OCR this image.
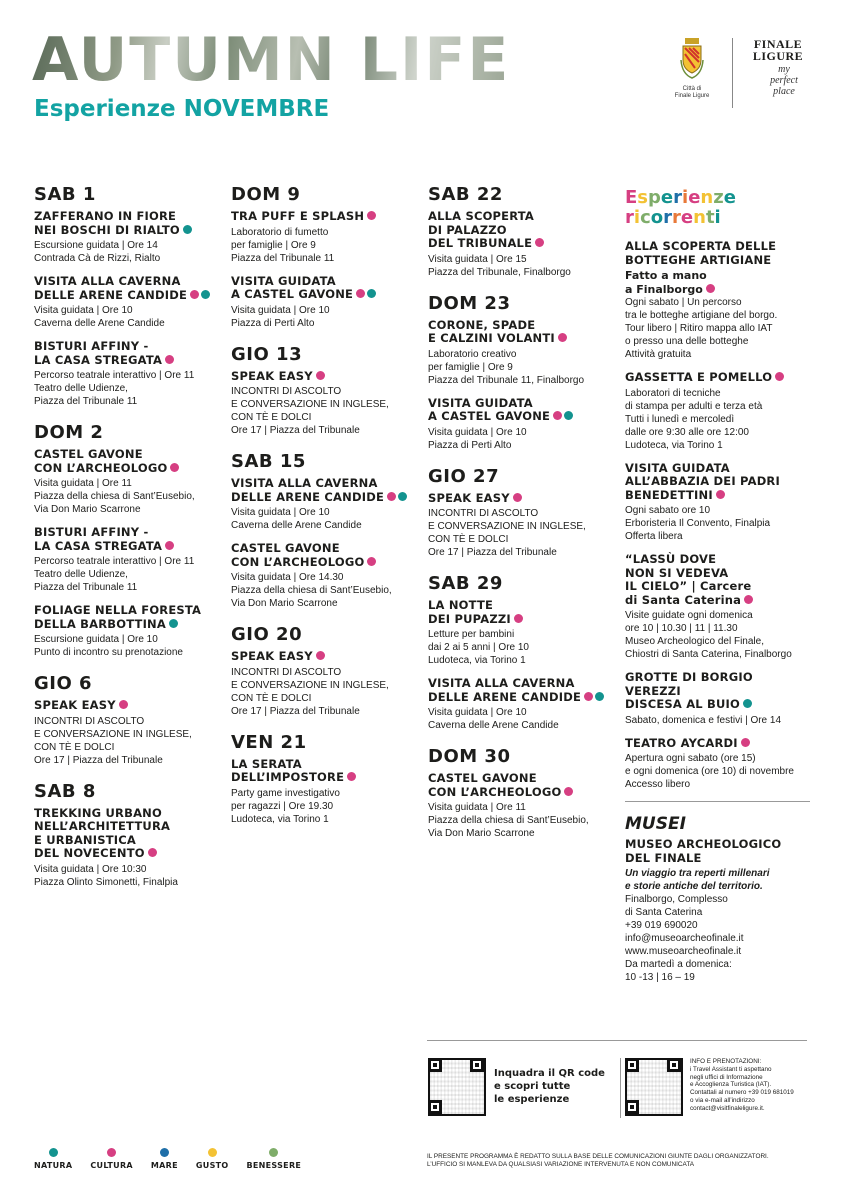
AUTUMN LIFE
Esperienze NOVEMBRE
Città di
Finale Ligure
FINALE
LIGURE
my
perfect
place
SAB 1
ZAFFERANO IN FIORE
NEI BOSCHI DI RIALTO
Escursione guidata | Ore 14
Contrada Cà de Rizzi, Rialto
VISITA ALLA CAVERNA
DELLE ARENE CANDIDE
Visita guidata | Ore 10
Caverna delle Arene Candide
BISTURI AFFINY -
LA CASA STREGATA
Percorso teatrale interattivo | Ore 11
Teatro delle Udienze,
Piazza del Tribunale 11
DOM 2
CASTEL GAVONE
CON L’ARCHEOLOGO
Visita guidata | Ore 11
Piazza della chiesa di Sant’Eusebio,
Via Don Mario Scarrone
BISTURI AFFINY -
LA CASA STREGATA
Percorso teatrale interattivo | Ore 11
Teatro delle Udienze,
Piazza del Tribunale 11
FOLIAGE NELLA FORESTA
DELLA BARBOTTINA
Escursione guidata | Ore 10
Punto di incontro su prenotazione
GIO 6
SPEAK EASY
INCONTRI DI ASCOLTO
E CONVERSAZIONE IN INGLESE,
CON TÈ E DOLCI
Ore 17 | Piazza del Tribunale
SAB 8
TREKKING URBANO
NELL’ARCHITETTURA
E URBANISTICA
DEL NOVECENTO
Visita guidata | Ore 10:30
Piazza Olinto Simonetti, Finalpia
DOM 9
TRA PUFF E SPLASH
Laboratorio di fumetto
per famiglie | Ore 9
Piazza del Tribunale 11
VISITA GUIDATA
A CASTEL GAVONE
Visita guidata | Ore 10
Piazza di Perti Alto
GIO 13
SPEAK EASY
INCONTRI DI ASCOLTO
E CONVERSAZIONE IN INGLESE,
CON TÈ E DOLCI
Ore 17 | Piazza del Tribunale
SAB 15
VISITA ALLA CAVERNA
DELLE ARENE CANDIDE
Visita guidata | Ore 10
Caverna delle Arene Candide
CASTEL GAVONE
CON L’ARCHEOLOGO
Visita guidata | Ore 14.30
Piazza della chiesa di Sant’Eusebio,
Via Don Mario Scarrone
GIO 20
SPEAK EASY
INCONTRI DI ASCOLTO
E CONVERSAZIONE IN INGLESE,
CON TÈ E DOLCI
Ore 17 | Piazza del Tribunale
VEN 21
LA SERATA
DELL’IMPOSTORE
Party game investigativo
per ragazzi | Ore 19.30
Ludoteca, via Torino 1
SAB 22
ALLA SCOPERTA
DI PALAZZO
DEL TRIBUNALE
Visita guidata | Ore 15
Piazza del Tribunale, Finalborgo
DOM 23
CORONE, SPADE
E CALZINI VOLANTI
Laboratorio creativo
per famiglie | Ore 9
Piazza del Tribunale 11, Finalborgo
VISITA GUIDATA
A CASTEL GAVONE
Visita guidata | Ore 10
Piazza di Perti Alto
GIO 27
SPEAK EASY
INCONTRI DI ASCOLTO
E CONVERSAZIONE IN INGLESE,
CON TÈ E DOLCI
Ore 17 | Piazza del Tribunale
SAB 29
LA NOTTE
DEI PUPAZZI
Letture per bambini
dai 2 ai 5 anni | Ore 10
Ludoteca, via Torino 1
VISITA ALLA CAVERNA
DELLE ARENE CANDIDE
Visita guidata | Ore 10
Caverna delle Arene Candide
DOM 30
CASTEL GAVONE
CON L’ARCHEOLOGO
Visita guidata | Ore 11
Piazza della chiesa di Sant’Eusebio,
Via Don Mario Scarrone
Esperienze
ricorrenti
ALLA SCOPERTA DELLE
BOTTEGHE ARTIGIANE
Fatto a mano
a Finalborgo
Ogni sabato | Un percorso
tra le botteghe artigiane del borgo.
Tour libero | Ritiro mappa allo IAT
o presso una delle botteghe
Attività gratuita
GASSETTA E POMELLO
Laboratori di tecniche
di stampa per adulti e terza età
Tutti i lunedì e mercoledì
dalle ore 9:30 alle ore 12:00
Ludoteca, via Torino 1
VISITA GUIDATA
ALL’ABBAZIA DEI PADRI
BENEDETTINI
Ogni sabato ore 10
Erboristeria Il Convento, Finalpia
Offerta libera
“LASSÙ DOVE
NON SI VEDEVA
IL CIELO” | Carcere
di Santa Caterina
Visite guidate ogni domenica
ore 10 | 10.30 | 11 | 11.30
Museo Archeologico del Finale,
Chiostri di Santa Caterina, Finalborgo
GROTTE DI BORGIO VEREZZI
DISCESA AL BUIO
Sabato, domenica e festivi | Ore 14
TEATRO AYCARDI
Apertura ogni sabato (ore 15)
e ogni domenica (ore 10) di novembre
Accesso libero
MUSEI
MUSEO ARCHEOLOGICO
DEL FINALE
Un viaggio tra reperti millenari
e storie antiche del territorio.
Finalborgo, Complesso
di Santa Caterina
+39 019 690020
info@museoarcheofinale.it
www.museoarcheofinale.it
Da martedì a domenica:
10 -13 | 16 – 19
Inquadra il QR code
e scopri tutte
le esperienze
INFO E PRENOTAZIONI:
i Travel Assistant ti aspettano
negli uffici di Informazione
e Accoglienza Turistica (IAT).
Contattali al numero +39 019 681019
o via e-mail all’indirizzo
contact@visitfinaleligure.it.
IL PRESENTE PROGRAMMA È REDATTO SULLA BASE DELLE COMUNICAZIONI GIUNTE DAGLI ORGANIZZATORI.
L’UFFICIO SI MANLEVA DA QUALSIASI VARIAZIONE INTERVENUTA E NON COMUNICATA
NATURA CULTURA MARE GUSTO BENESSERE
